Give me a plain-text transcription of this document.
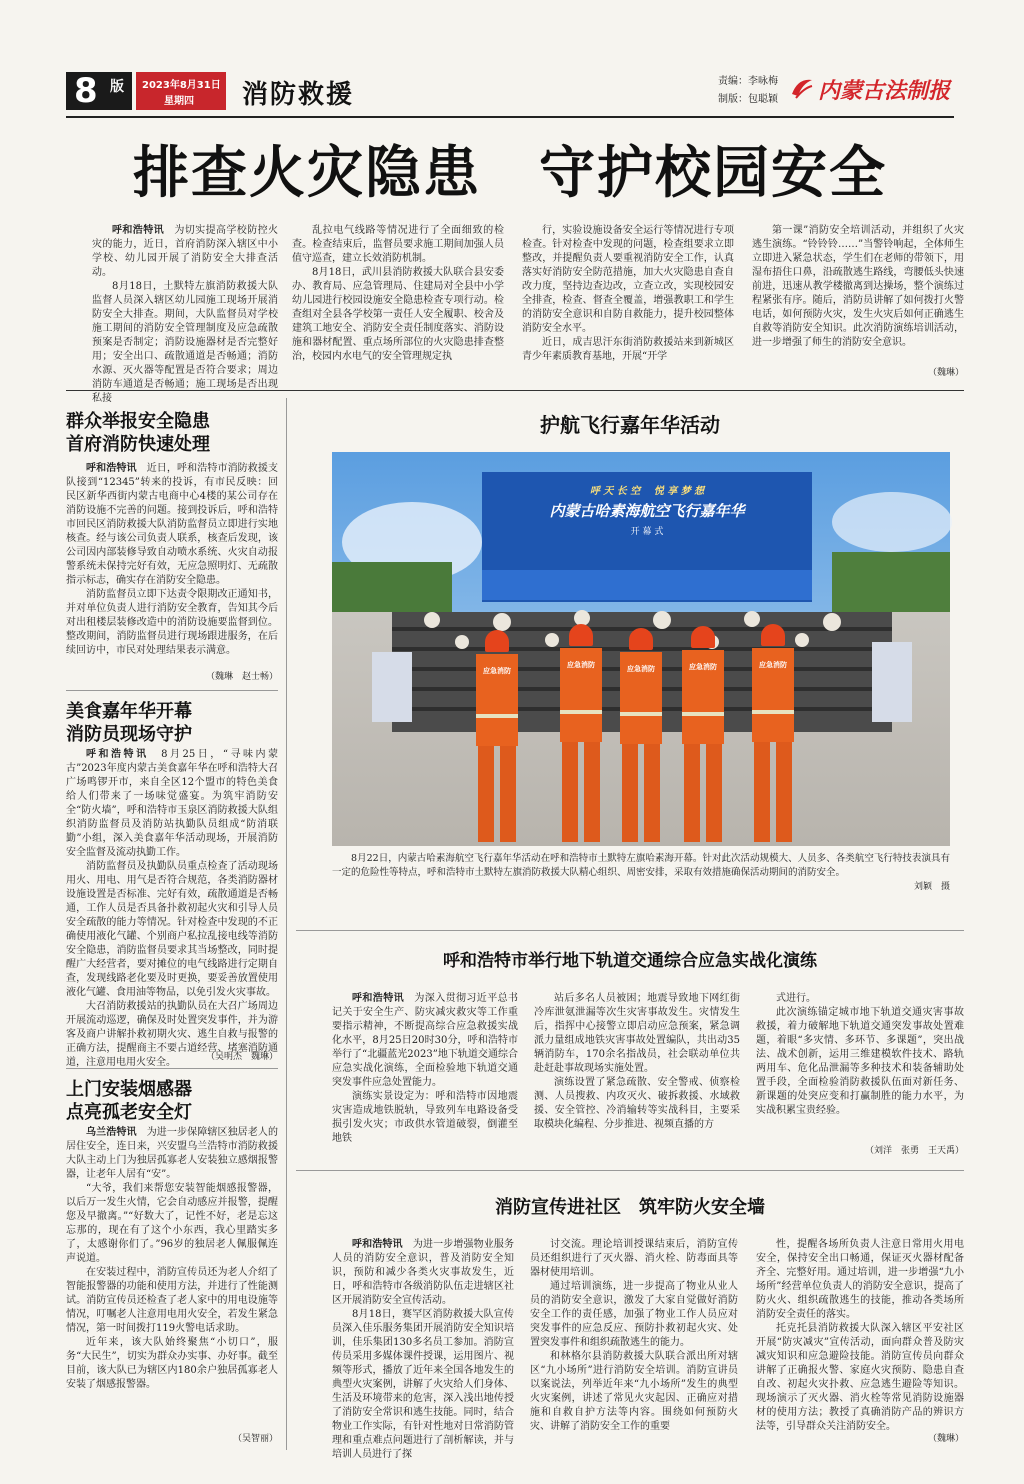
8 版 2023年8月31日
星期四 消防救援	责编：李咏梅
制版：包聪颖 内蒙古法制报
排查火灾隐患　守护校园安全

呼和浩特讯　 为切实提高学校防控火灾的能力，近日，首府消防深入辖区中小学校、幼儿园开展了消防安全大排查活动。

8月18日，土默特左旗消防救援大队监督人员深入辖区幼儿园施工现场开展消防安全大排查。期间，大队监督员对学校施工期间的消防安全管理制度及应急疏散预案是否制定；消防设施器材是否完整好用；安全出口、疏散通道是否畅通；消防水源、灭火器等配置是否符合要求；周边消防车通道是否畅通；施工现场是否出现私接

乱拉电气线路等情况进行了全面细致的检查。检查结束后，监督员要求施工期间加强人员值守巡查，建立长效消防机制。

8月18日，武川县消防救援大队联合县安委办、教育局、应急管理局、住建局对全县中小学幼儿园进行校园设施安全隐患检查专项行动。检查组对全县各学校第一责任人安全履职、校舍及建筑工地安全、消防安全责任制度落实、消防设施和器材配置、重点场所部位的火灾隐患排查整治，校园内水电气的安全管理规定执

行，实验设施设备安全运行等情况进行专项检查。针对检查中发现的问题，检查组要求立即整改，并提醒负责人要重视消防安全工作，认真落实好消防安全防范措施，加大火灾隐患自查自改力度，坚持边查边改，立查立改，实现校园安全排查，检查、督查全覆盖，增强教职工和学生的消防安全意识和自防自救能力，提升校园整体消防安全水平。

近日，成吉思汗东街消防救援站来到新城区青少年素质教育基地，开展“开学

第一课”消防安全培训活动，并组织了火灾逃生演练。“铃铃铃……”当警铃响起，全体师生立即进入紧急状态，学生们在老师的带领下，用湿布捂住口鼻，沿疏散逃生路线，弯腰低头快速前进，迅速从教学楼撤离到达操场，整个演练过程紧张有序。随后，消防员讲解了如何拨打火警电话，如何预防火灾，发生火灾后如何正确逃生自救等消防安全知识。此次消防演练培训活动，进一步增强了师生的消防安全意识。

（魏琳）
群众举报安全隐患
首府消防快速处理

呼和浩特讯　 近日，呼和浩特市消防救援支队接到“12345”转来的投诉，有市民反映：回民区新华西街内蒙古电商中心4楼的某公司存在消防设施不完善的问题。接到投诉后，呼和浩特市回民区消防救援大队消防监督员立即进行实地核查。经与该公司负责人联系，核查后发现，该公司因内部装修导致自动喷水系统、火灾自动报警系统未保持完好有效，无应急照明灯、无疏散指示标志，确实存在消防安全隐患。

消防监督员立即下达责令限期改正通知书，并对单位负责人进行消防安全教育，告知其今后对出租楼层装修改造中的消防设施要监督到位。整改期间，消防监督员进行现场跟进服务，在后续回访中，市民对处理结果表示满意。

（魏琳　赵士畅）
美食嘉年华开幕
消防员现场守护

呼和浩特讯　 8月25日，“寻味内蒙古”2023年度内蒙古美食嘉年华在呼和浩特大召广场鸣锣开市，来自全区12个盟市的特色美食给人们带来了一场味觉盛宴。为筑牢消防安全“防火墙”，呼和浩特市玉泉区消防救援大队组织消防监督员及消防站执勤队员组成“防消联勤”小组，深入美食嘉年华活动现场，开展消防安全监督及流动执勤工作。

消防监督员及执勤队员重点检查了活动现场用火、用电、用气是否符合规范，各类消防器材设施设置是否标准、完好有效，疏散通道是否畅通，工作人员是否具备扑救初起火灾和引导人员安全疏散的能力等情况。针对检查中发现的不正确使用液化气罐、个别商户私拉乱接电线等消防安全隐患，消防监督员要求其当场整改，同时提醒广大经营者，要对摊位的电气线路进行定期自查，发现线路老化要及时更换，要妥善放置使用液化气罐、食用油等物品，以免引发火灾事故。

大召消防救援站的执勤队员在大召广场周边开展流动巡逻，确保及时处置突发事件，并为游客及商户讲解扑救初期火灾、逃生自救与报警的正确方法，提醒商主不要占道经营、堵塞消防通道，注意用电用火安全。	（吴明杰　魏琳）
上门安装烟感器
点亮孤老安全灯

乌兰浩特讯　 为进一步保障辖区独居老人的居住安全，连日来，兴安盟乌兰浩特市消防救援大队主动上门为独居孤寡老人安装独立感烟报警器，让老年人居有“安”。

“大爷，我们来帮您安装智能烟感报警器，以后万一发生火情，它会自动感应并报警，提醒您及早撤离。”“好数大了，记性不好，老是忘这忘那的，现在有了这个小东西，我心里踏实多了，太感谢你们了。”96岁的独居老人佩服佩连声说道。

在安装过程中，消防宣传员还为老人介绍了智能报警器的功能和使用方法，并进行了性能测试。消防宣传员还检查了老人家中的用电设施等情况，叮嘱老人注意用电用火安全，若发生紧急情况，第一时间拨打119火警电话求助。

近年来，该大队始终聚焦“小切口”，服务“大民生”，切实为群众办实事、办好事。截至目前，该大队已为辖区内180余户独居孤寡老人安装了烟感报警器。

（吴智丽）
护航飞行嘉年华活动
呼 天 长 空　 悦 享 梦 想
内蒙古哈素海航空飞行嘉年华
开 幕 式
应急消防
应急消防	应急消防	应急消防	应急消防

8月22日，内蒙古哈素海航空飞行嘉年华活动在呼和浩特市土默特左旗哈素海开幕。针对此次活动规模大、人员多、各类航空飞行特技表演具有一定的危险性等特点，呼和浩特市土默特左旗消防救援大队精心组织、周密安排，采取有效措施确保活动期间的消防安全。

刘颖　摄
呼和浩特市举行地下轨道交通综合应急实战化演练

呼和浩特讯　 为深入贯彻习近平总书记关于安全生产、防灾减灾救灾等工作重要指示精神，不断提高综合应急救援实战化水平，8月25日20时30分，呼和浩特市举行了“北疆蓝光2023”地下轨道交通综合应急实战化演练，全面检验地下轨道交通突发事件应急处置能力。

演练实景设定为：呼和浩特市因地震灾害造成地铁脱轨，导致列车电路设备受损引发火灾；市政供水管道破裂，倒灌至地铁

站后多名人员被困；地震导致地下网红街冷库泄氨泄漏等次生灾害事故发生。灾情发生后，指挥中心接警立即启动应急预案，紧急调派力量组成地铁灾害事故处置编队，共出动35辆消防车，170余名指战员，社会联动单位共赴赶赴事故现场实施处置。

演练设置了紧急疏散、安全警戒、侦察检测、人员搜救、内攻灭火、破拆救援、水域救援、安全管控、冷消输转等实战科目，主要采取模块化编程、分步推进、视频直播的方

式进行。

此次演练锚定城市地下轨道交通灾害事故救援，着力破解地下轨道交通突发事故处置难题，着眼“多灾情、多环节、多课题”，突出战法、战术创新，运用三维建模软件技术、路轨两用车、危化品泄漏等多种技术和装备辅助处置手段，全面检验消防救援队伍面对新任务、新课题的处突应变和打赢制胜的能力水平，为实战积累宝贵经验。

（刘洋　张勇　王天禹）
消防宣传进社区　筑牢防火安全墙

呼和浩特讯　 为进一步增强物业服务人员的消防安全意识，普及消防安全知识，预防和减少各类火灾事故发生，近日，呼和浩特市各级消防队伍走进辖区社区开展消防安全宣传活动。

8月18日，赛罕区消防救援大队宣传员深入佳乐服务集团开展消防安全知识培训，佳乐集团130多名员工参加。消防宣传员采用多媒体课件授课，运用图片、视频等形式，播放了近年来全国各地发生的典型火灾案例，讲解了火灾给人们身体、生活及环境带来的危害，深入浅出地传授了消防安全常识和逃生技能。同时，结合物业工作实际，有针对性地对日常消防管理和重点难点问题进行了剖析解读，并与培训人员进行了探

讨交流。理论培训授课结束后，消防宣传员还组织进行了灭火器、消火栓、防毒面具等器材使用培训。

通过培训演练，进一步提高了物业从业人员的消防安全意识，激发了大家自觉做好消防安全工作的责任感，加强了物业工作人员应对突发事件的应急反应、预防扑救初起火灾、处置突发事件和组织疏散逃生的能力。

和林格尔县消防救援大队联合派出所对辖区“九小场所”进行消防安全培训。消防宣讲员以案说法，列举近年来“九小场所”发生的典型火灾案例，讲述了常见火灾起因、正确应对措施和自救自护方法等内容。围绕如何预防火灾、讲解了消防安全工作的重要

性，提醒各场所负责人注意日常用火用电安全，保持安全出口畅通，保证灭火器材配备齐全、完整好用。通过培训，进一步增强“九小场所”经营单位负责人的消防安全意识，提高了防火火、组织疏散逃生的技能，推动各类场所消防安全责任的落实。

托克托县消防救援大队深入辖区平安社区开展“防灾减灾”宣传活动，面向群众普及防灾减灾知识和应急避险技能。消防宣传员向群众讲解了正确报火警、家庭火灾预防、隐患自查自改、初起火灾扑救、应急逃生避险等知识。现场演示了灭火器、消火栓等常见消防设施器材的使用方法；教授了真确消防产品的辨识方法等，引导群众关注消防安全。

（魏琳）
